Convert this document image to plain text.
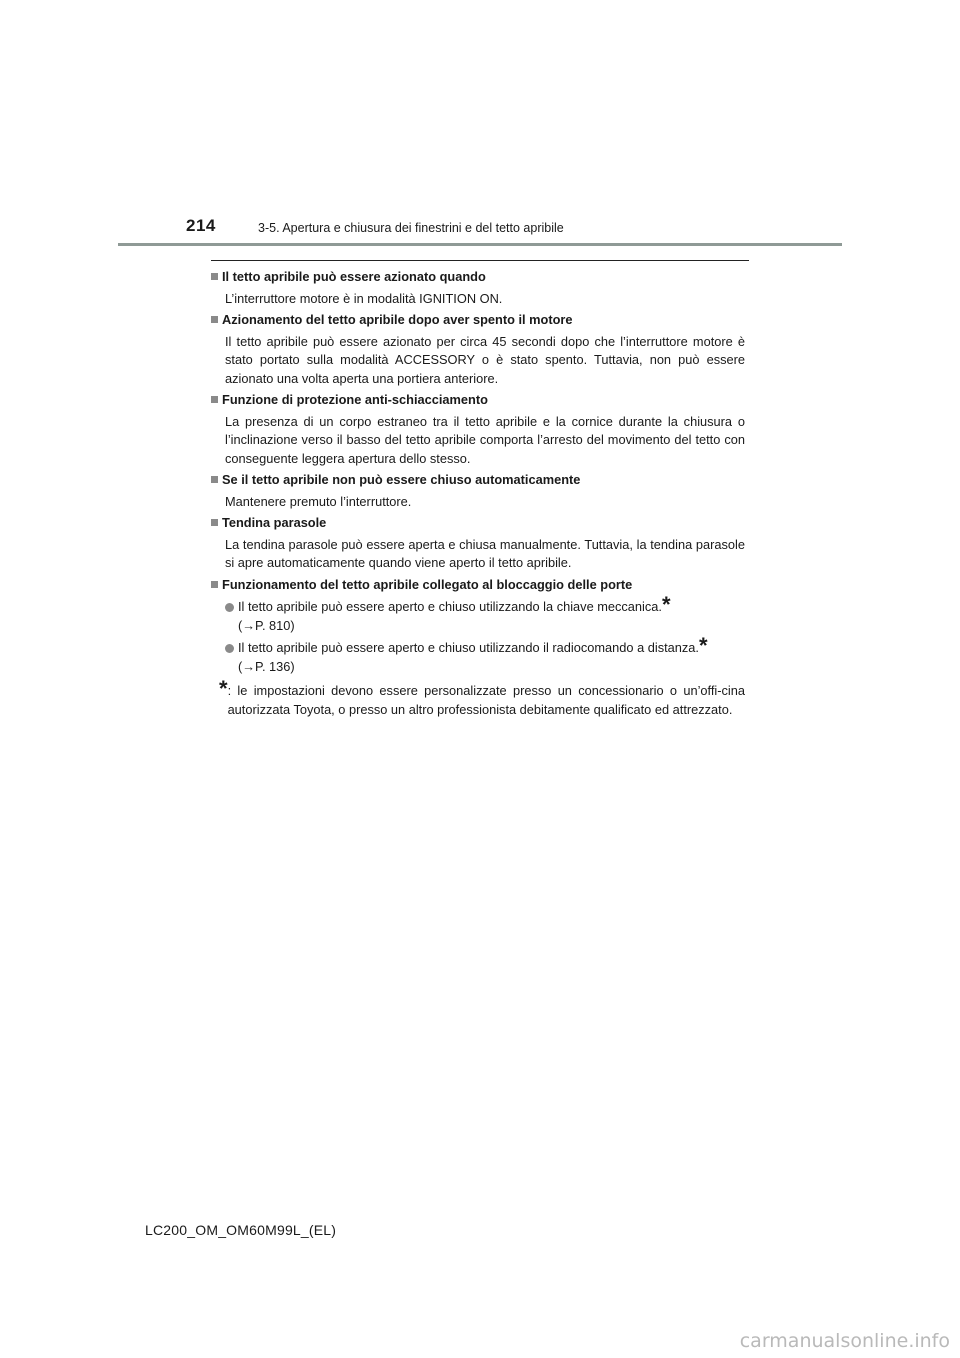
214	3-5. Apertura e chiusura dei finestrini e del tetto apribile
Il tetto apribile può essere azionato quando
L’interruttore motore è in modalità IGNITION ON.
Azionamento del tetto apribile dopo aver spento il motore
Il tetto apribile può essere azionato per circa 45 secondi dopo che l’interruttore motore è stato portato sulla modalità ACCESSORY o è stato spento. Tuttavia, non può essere azionato una volta aperta una portiera anteriore.
Funzione di protezione anti-schiacciamento
La presenza di un corpo estraneo tra il tetto apribile e la cornice durante la chiusura o l’inclinazione verso il basso del tetto apribile comporta l’arresto del movimento del tetto con conseguente leggera apertura dello stesso.
Se il tetto apribile non può essere chiuso automaticamente
Mantenere premuto l’interruttore.
Tendina parasole
La tendina parasole può essere aperta e chiusa manualmente. Tuttavia, la tendina parasole si apre automaticamente quando viene aperto il tetto apribile.
Funzionamento del tetto apribile collegato al bloccaggio delle porte
Il tetto apribile può essere aperto e chiuso utilizzando la chiave meccanica.*
(→P. 810)
Il tetto apribile può essere aperto e chiuso utilizzando il radiocomando a distanza.*
(→P. 136)
* : le impostazioni devono essere personalizzate presso un concessionario o un’offi-cina autorizzata Toyota, o presso un altro professionista debitamente qualificato ed attrezzato.
LC200_OM_OM60M99L_(EL)
carmanualsonline.info
